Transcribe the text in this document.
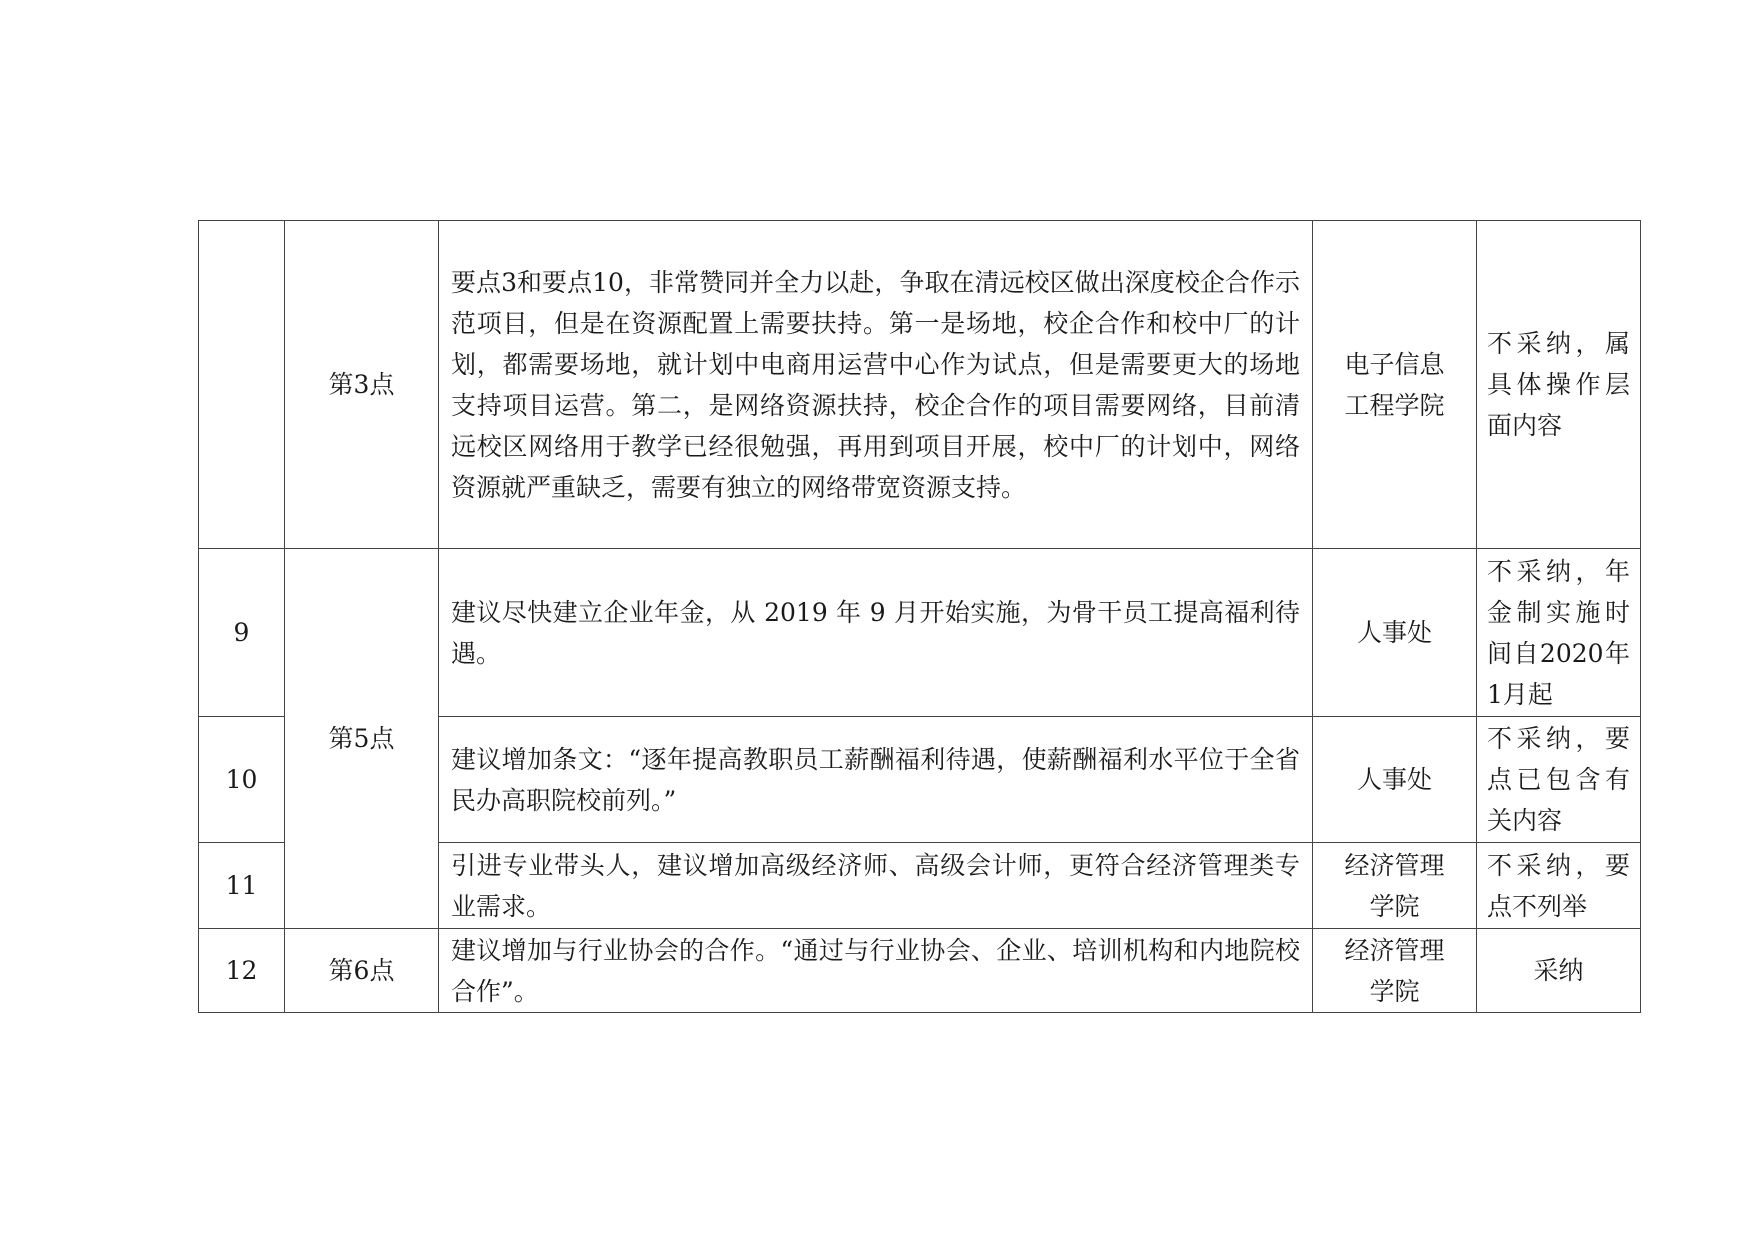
	第3点	要点3和要点10，非常赞同并全力以赴，争取在清远校区做出深度校企合作示范项目，但是在资源配置上需要扶持。第一是场地，校企合作和校中厂的计划，都需要场地，就计划中电商用运营中心作为试点，但是需要更大的场地支持项目运营。第二，是网络资源扶持，校企合作的项目需要网络，目前清远校区网络用于教学已经很勉强，再用到项目开展，校中厂的计划中，网络资源就严重缺乏，需要有独立的网络带宽资源支持。	电子信息工程学院	不采纳，属具体操作层面内容
9	第5点	建议尽快建立企业年金，从 2019 年 9 月开始实施，为骨干员工提高福利待遇。	人事处	不采纳，年金制实施时间自2020年1月起
10		建议增加条文：“逐年提高教职员工薪酬福利待遇，使薪酬福利水平位于全省民办高职院校前列。”	人事处	不采纳，要点已包含有关内容
11		引进专业带头人，建议增加高级经济师、高级会计师，更符合经济管理类专业需求。	经济管理学院	不采纳，要点不列举
12	第6点	建议增加与行业协会的合作。“通过与行业协会、企业、培训机构和内地院校合作”。	经济管理学院	采纳
